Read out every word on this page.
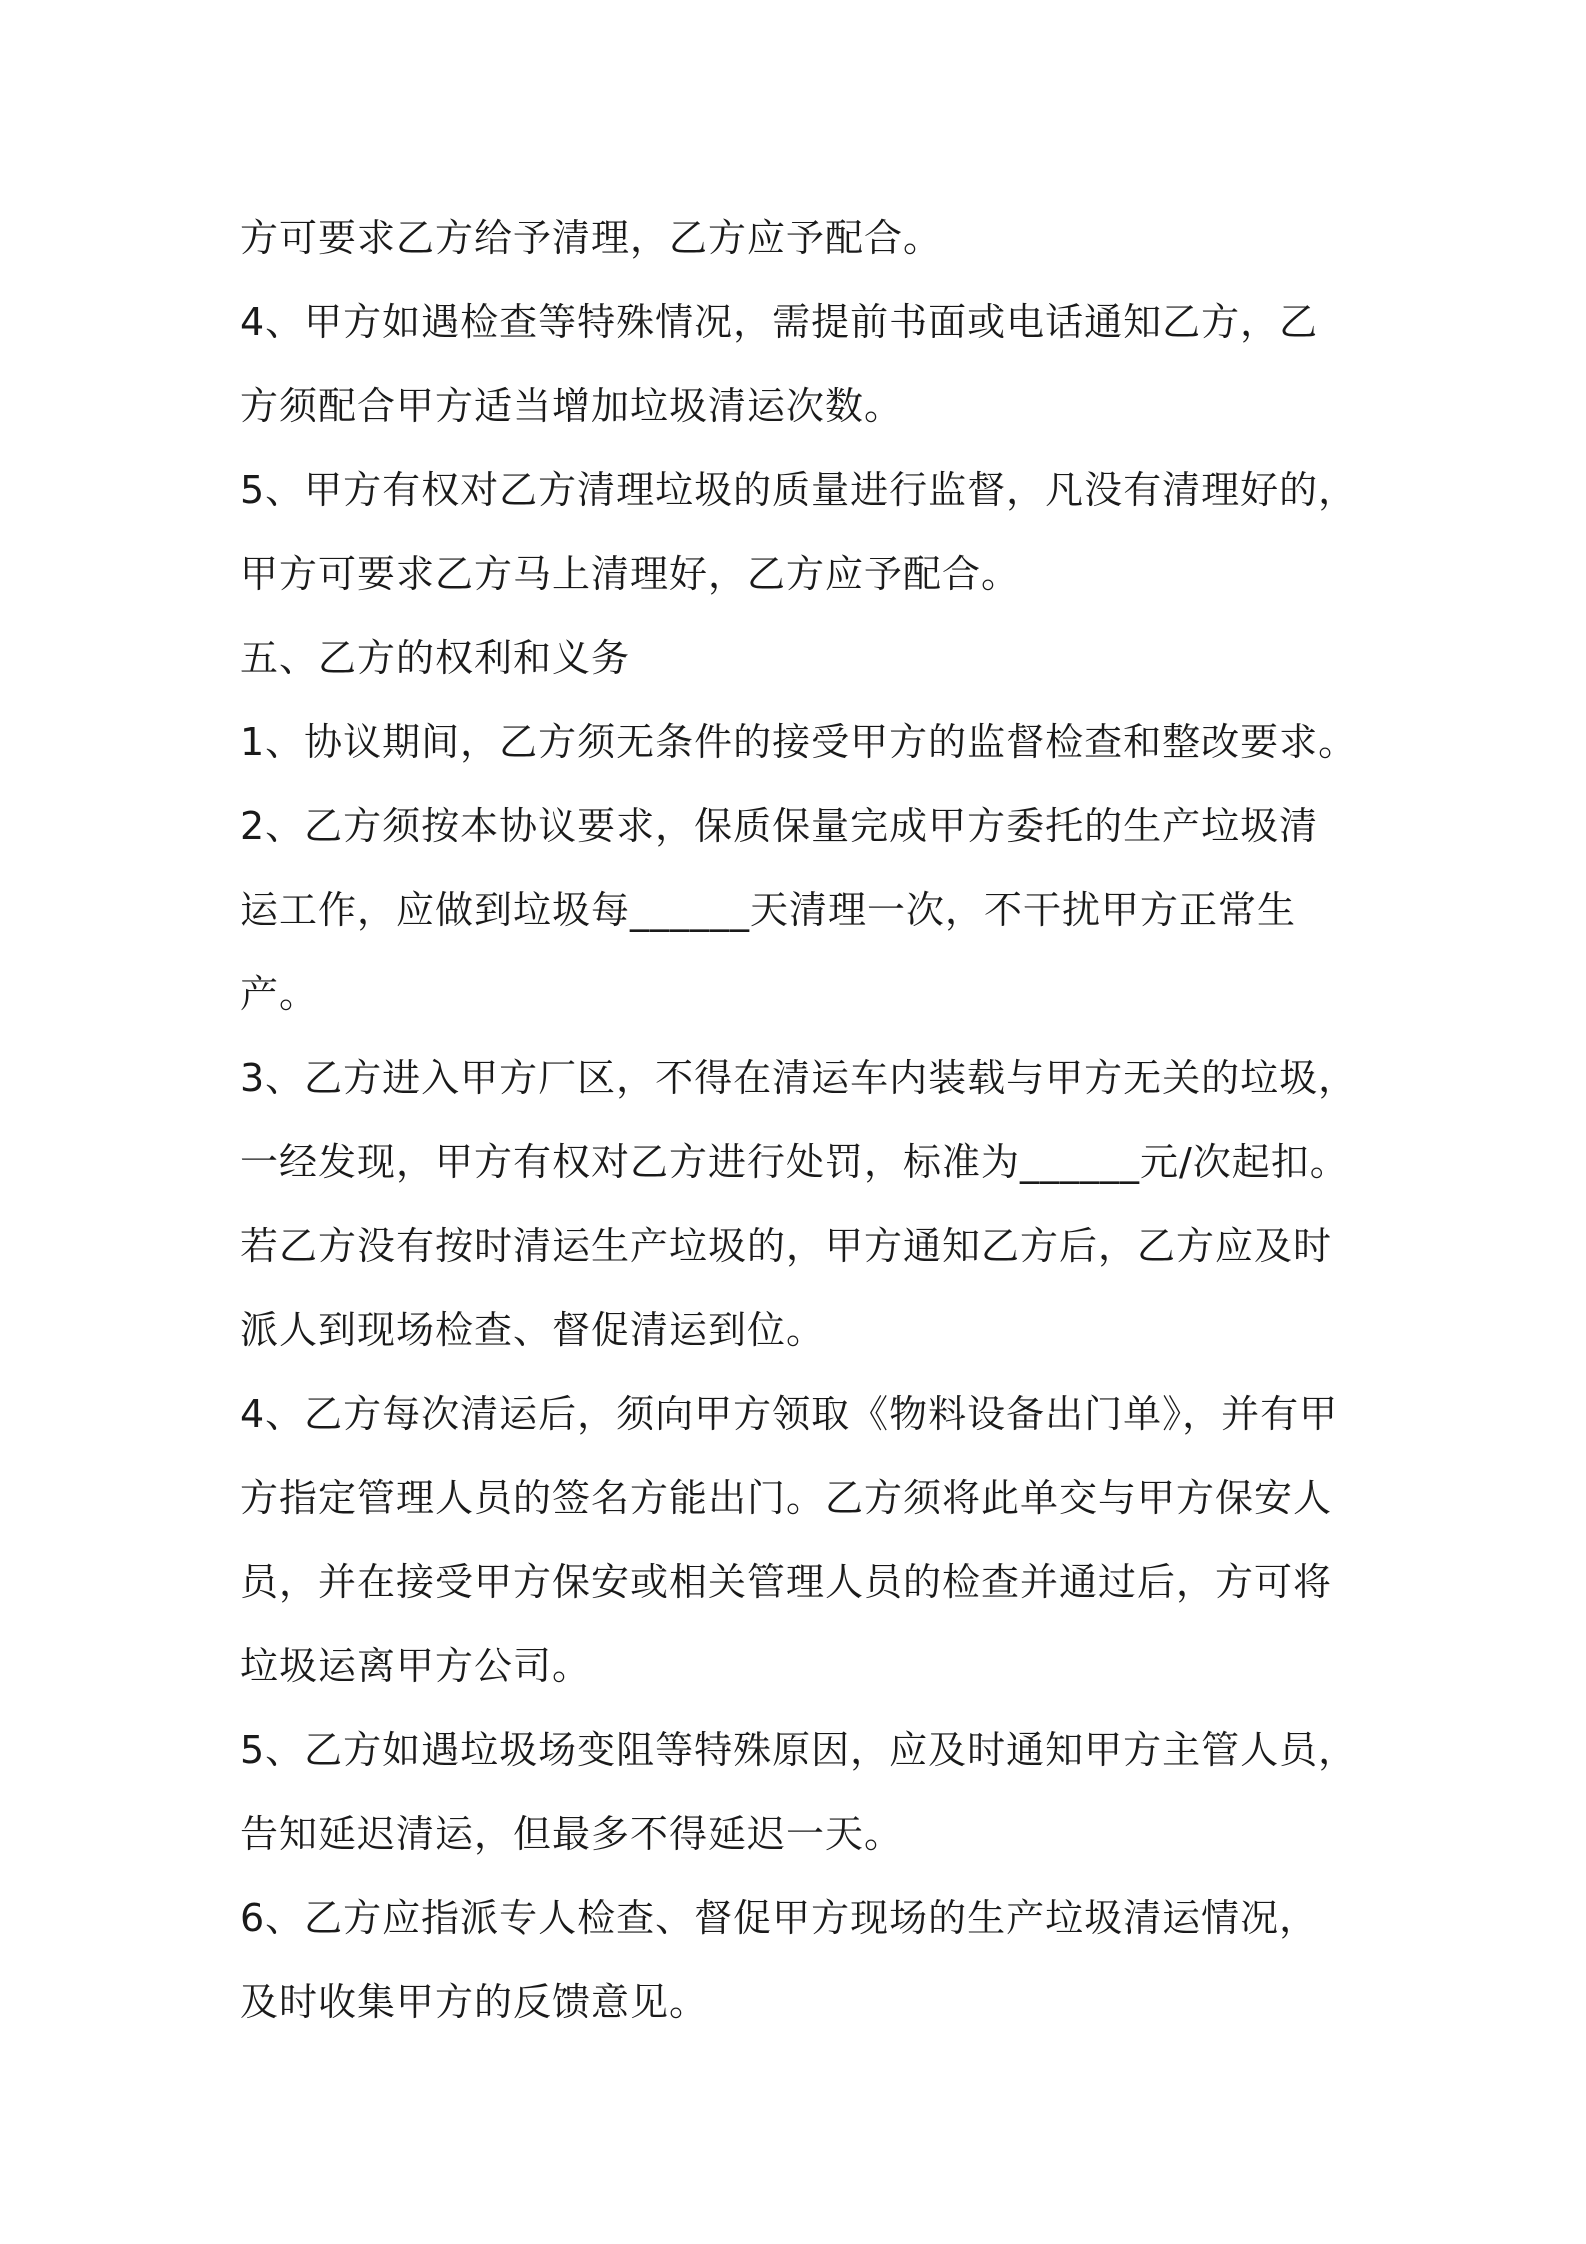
方可要求乙方给予清理，乙方应予配合。
4、甲方如遇检查等特殊情况，需提前书面或电话通知乙方，乙
方须配合甲方适当增加垃圾清运次数。
5、甲方有权对乙方清理垃圾的质量进行监督，凡没有清理好的，
甲方可要求乙方马上清理好，乙方应予配合。
五、乙方的权利和义务
1、协议期间，乙方须无条件的接受甲方的监督检查和整改要求。
2、乙方须按本协议要求，保质保量完成甲方委托的生产垃圾清
运工作，应做到垃圾每______天清理一次，不干扰甲方正常生
产。
3、乙方进入甲方厂区，不得在清运车内装载与甲方无关的垃圾，
一经发现，甲方有权对乙方进行处罚，标准为______元/次起扣。
若乙方没有按时清运生产垃圾的，甲方通知乙方后，乙方应及时
派人到现场检查、督促清运到位。
4、乙方每次清运后，须向甲方领取《物料设备出门单》，并有甲
方指定管理人员的签名方能出门。乙方须将此单交与甲方保安人
员，并在接受甲方保安或相关管理人员的检查并通过后，方可将
垃圾运离甲方公司。
5、乙方如遇垃圾场变阻等特殊原因，应及时通知甲方主管人员，
告知延迟清运，但最多不得延迟一天。
6、乙方应指派专人检查、督促甲方现场的生产垃圾清运情况，
及时收集甲方的反馈意见。
